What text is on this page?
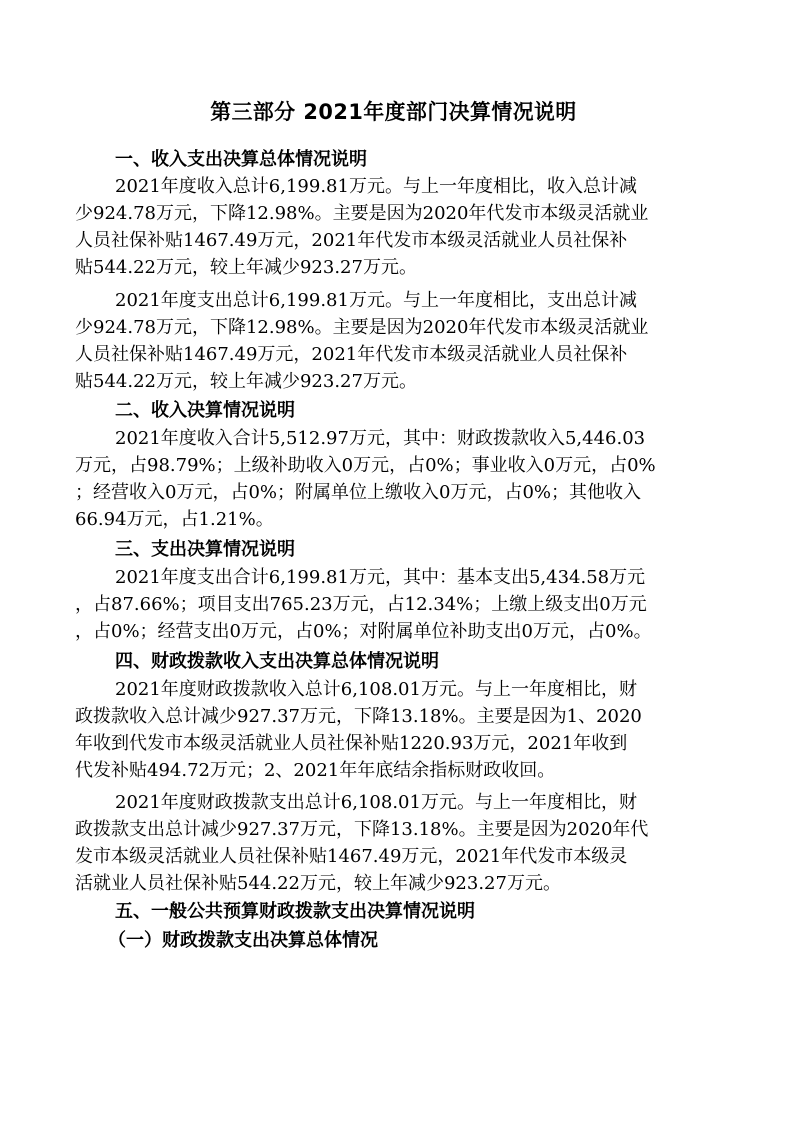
第三部分 2021年度部门决算情况说明
一、收入支出决算总体情况说明
2021年度收入总计6,199.81万元。与上一年度相比，收入总计减
少924.78万元，下降12.98%。主要是因为2020年代发市本级灵活就业
人员社保补贴1467.49万元，2021年代发市本级灵活就业人员社保补
贴544.22万元，较上年减少923.27万元。
2021年度支出总计6,199.81万元。与上一年度相比，支出总计减
少924.78万元，下降12.98%。主要是因为2020年代发市本级灵活就业
人员社保补贴1467.49万元，2021年代发市本级灵活就业人员社保补
贴544.22万元，较上年减少923.27万元。
二、收入决算情况说明
2021年度收入合计5,512.97万元，其中：财政拨款收入5,446.03
万元，占98.79%；上级补助收入0万元，占0%；事业收入0万元，占0%
；经营收入0万元，占0%；附属单位上缴收入0万元，占0%；其他收入
66.94万元，占1.21%。
三、支出决算情况说明
2021年度支出合计6,199.81万元，其中：基本支出5,434.58万元
，占87.66%；项目支出765.23万元，占12.34%；上缴上级支出0万元
，占0%；经营支出0万元，占0%；对附属单位补助支出0万元，占0%。
四、财政拨款收入支出决算总体情况说明
2021年度财政拨款收入总计6,108.01万元。与上一年度相比，财
政拨款收入总计减少927.37万元，下降13.18%。主要是因为1、2020
年收到代发市本级灵活就业人员社保补贴1220.93万元，2021年收到
代发补贴494.72万元；2、2021年年底结余指标财政收回。
2021年度财政拨款支出总计6,108.01万元。与上一年度相比，财
政拨款支出总计减少927.37万元，下降13.18%。主要是因为2020年代
发市本级灵活就业人员社保补贴1467.49万元，2021年代发市本级灵
活就业人员社保补贴544.22万元，较上年减少923.27万元。
五、一般公共预算财政拨款支出决算情况说明
（一）财政拨款支出决算总体情况
